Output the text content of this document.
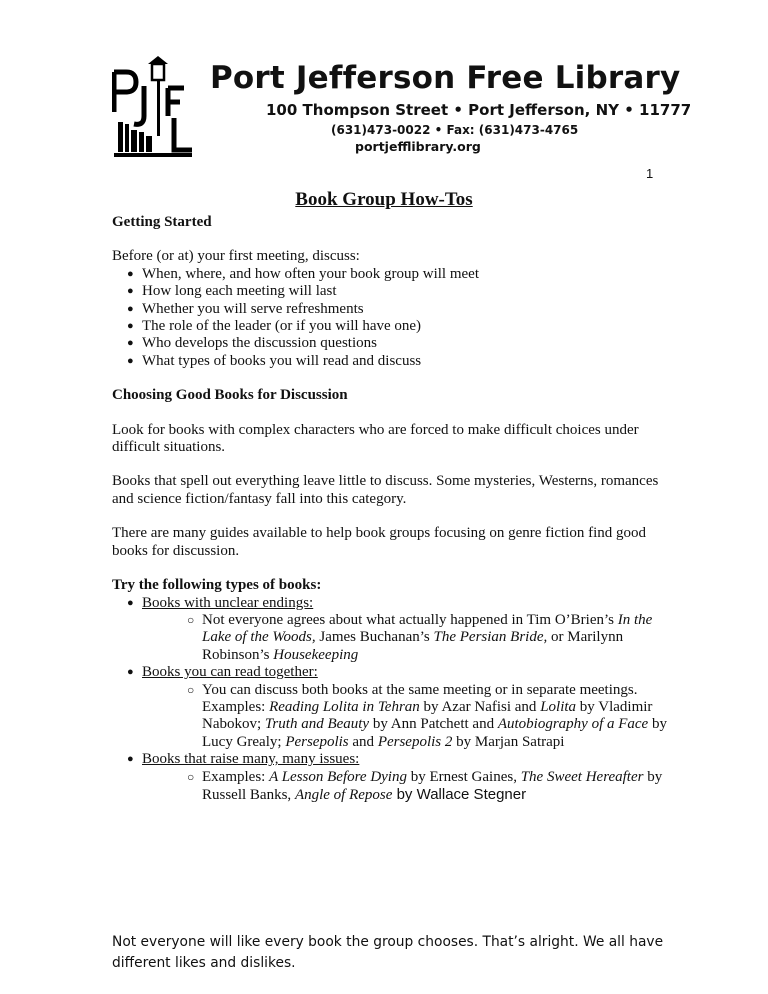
Port Jefferson Free Library
100 Thompson Street • Port Jefferson, NY • 11777
(631)473-0022 • Fax: (631)473-4765
portjefflibrary.org
1
Book Group How-Tos

Getting Started

Before (or at) your first meeting, discuss:

● When, where, and how often your book group will meet
● How long each meeting will last
● Whether you will serve refreshments
● The role of the leader (or if you will have one)
● Who develops the discussion questions
● What types of books you will read and discuss

Choosing Good Books for Discussion

Look for books with complex characters who are forced to make difficult choices under difficult situations.

Books that spell out everything leave little to discuss. Some mysteries, Westerns, romances and science fiction/fantasy fall into this category.

There are many guides available to help book groups focusing on genre fiction find good books for discussion.

Try the following types of books:

● Books with unclear endings:
○ Not everyone agrees about what actually happened in Tim O’Brien’s In the Lake of the Woods, James Buchanan’s The Persian Bride, or Marilynn Robinson’s Housekeeping
● Books you can read together:
○ You can discuss both books at the same meeting or in separate meetings. Examples: Reading Lolita in Tehran by Azar Nafisi and Lolita by Vladimir Nabokov; Truth and Beauty by Ann Patchett and Autobiography of a Face by Lucy Grealy; Persepolis and Persepolis 2 by Marjan Satrapi
● Books that raise many, many issues:
○ Examples: A Lesson Before Dying by Ernest Gaines, The Sweet Hereafter by Russell Banks, Angle of Repose by Wallace Stegner

Not everyone will like every book the group chooses. That’s alright. We all have different likes and dislikes.
